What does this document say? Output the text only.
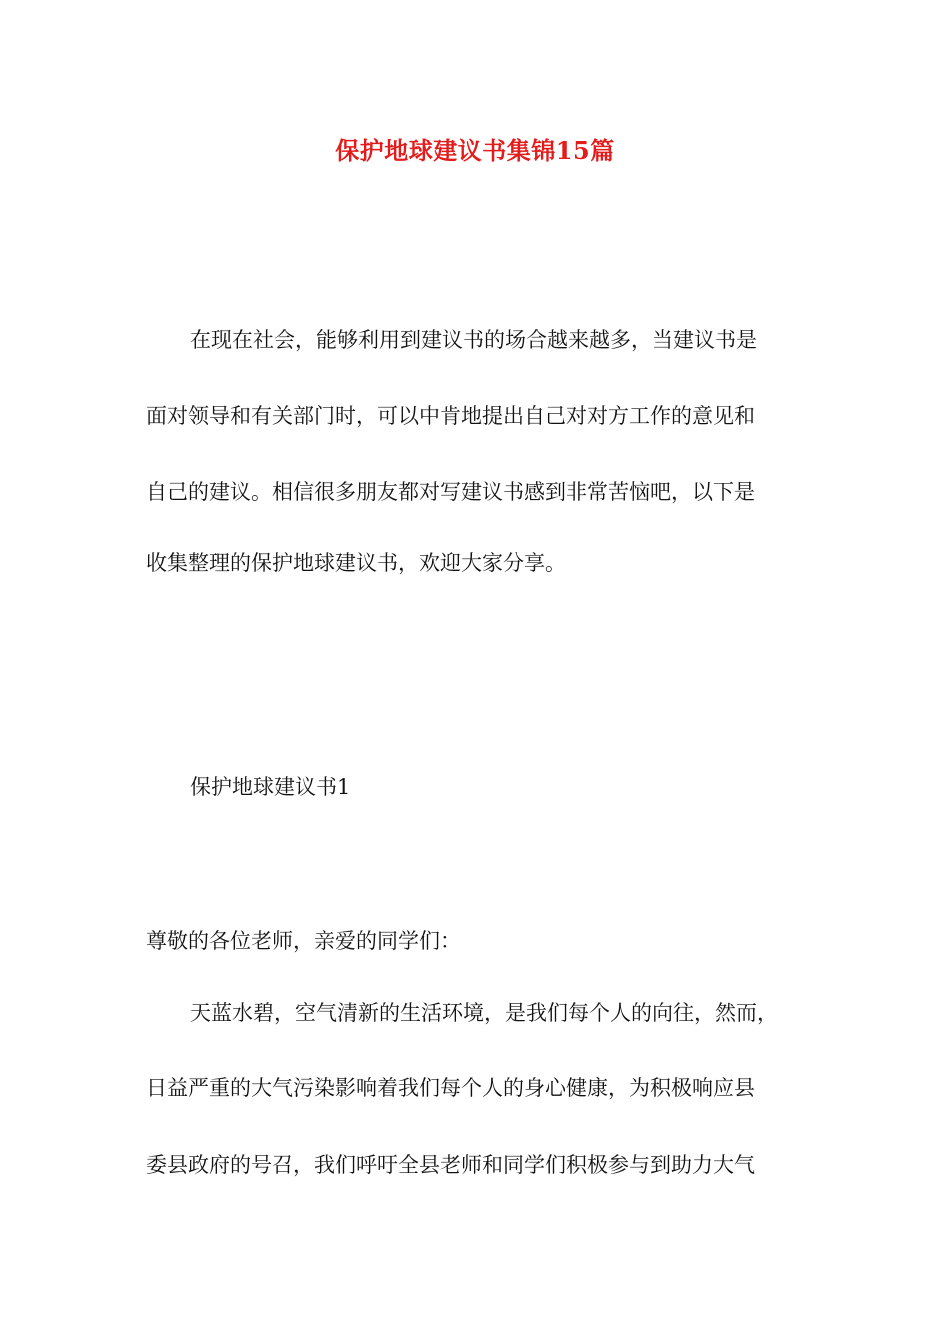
保护地球建议书集锦15篇
在现在社会，能够利用到建议书的场合越来越多，当建议书是
面对领导和有关部门时，可以中肯地提出自己对对方工作的意见和
自己的建议。相信很多朋友都对写建议书感到非常苦恼吧，以下是
收集整理的保护地球建议书，欢迎大家分享。
保护地球建议书1
尊敬的各位老师，亲爱的同学们：
天蓝水碧，空气清新的生活环境，是我们每个人的向往，然而，
日益严重的大气污染影响着我们每个人的身心健康，为积极响应县
委县政府的号召，我们呼吁全县老师和同学们积极参与到助力大气
